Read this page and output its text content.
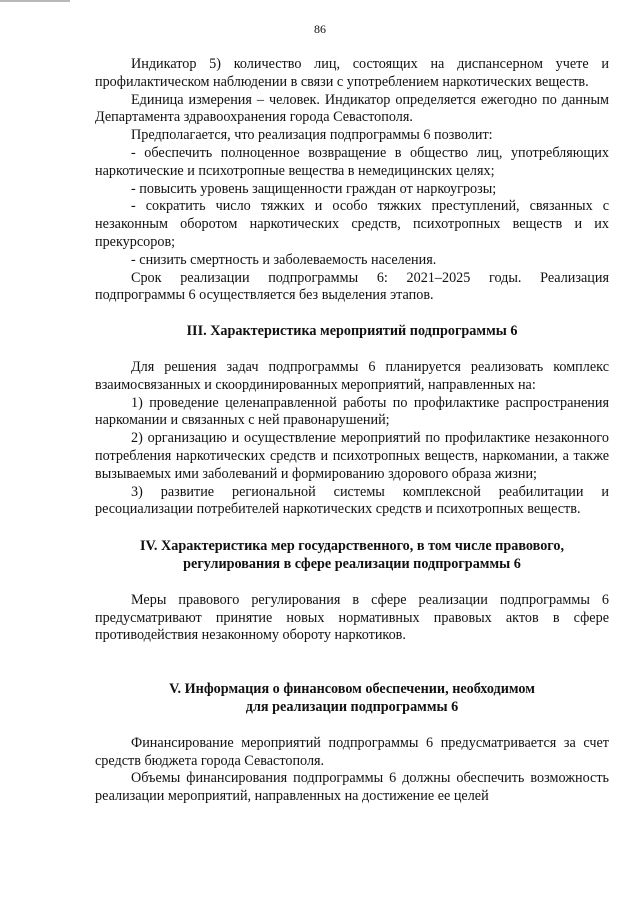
86

Индикатор 5) количество лиц, состоящих на диспансерном учете и профилактическом наблюдении в связи с употреблением наркотических веществ.

Единица измерения – человек. Индикатор определяется ежегодно по данным Департамента здравоохранения города Севастополя.

Предполагается, что реализация подпрограммы 6 позволит:

- обеспечить полноценное возвращение в общество лиц, употребляющих наркотические и психотропные вещества в немедицинских целях;

- повысить уровень защищенности граждан от наркоугрозы;

- сократить число тяжких и особо тяжких преступлений, связанных с незаконным оборотом наркотических средств, психотропных веществ и их прекурсоров;

- снизить смертность и заболеваемость населения.

Срок реализации подпрограммы 6: 2021–2025 годы. Реализация подпрограммы 6 осуществляется без выделения этапов.

III. Характеристика мероприятий подпрограммы 6

Для решения задач подпрограммы 6 планируется реализовать комплекс взаимосвязанных и скоординированных мероприятий, направленных на:

1) проведение целенаправленной работы по профилактике распространения наркомании и связанных с ней правонарушений;

2) организацию и осуществление мероприятий по профилактике незаконного потребления наркотических средств и психотропных веществ, наркомании, а также вызываемых ими заболеваний и формированию здорового образа жизни;

3) развитие региональной системы комплексной реабилитации и ресоциализации потребителей наркотических средств и психотропных веществ.

IV. Характеристика мер государственного, в том числе правового,

регулирования в сфере реализации подпрограммы 6

Меры правового регулирования в сфере реализации подпрограммы 6 предусматривают принятие новых нормативных правовых актов в сфере противодействия незаконному обороту наркотиков.

V. Информация о финансовом обеспечении, необходимом

для реализации подпрограммы 6

Финансирование мероприятий подпрограммы 6 предусматривается за счет средств бюджета города Севастополя.

Объемы финансирования подпрограммы 6 должны обеспечить возможность реализации мероприятий, направленных на достижение ее целей
